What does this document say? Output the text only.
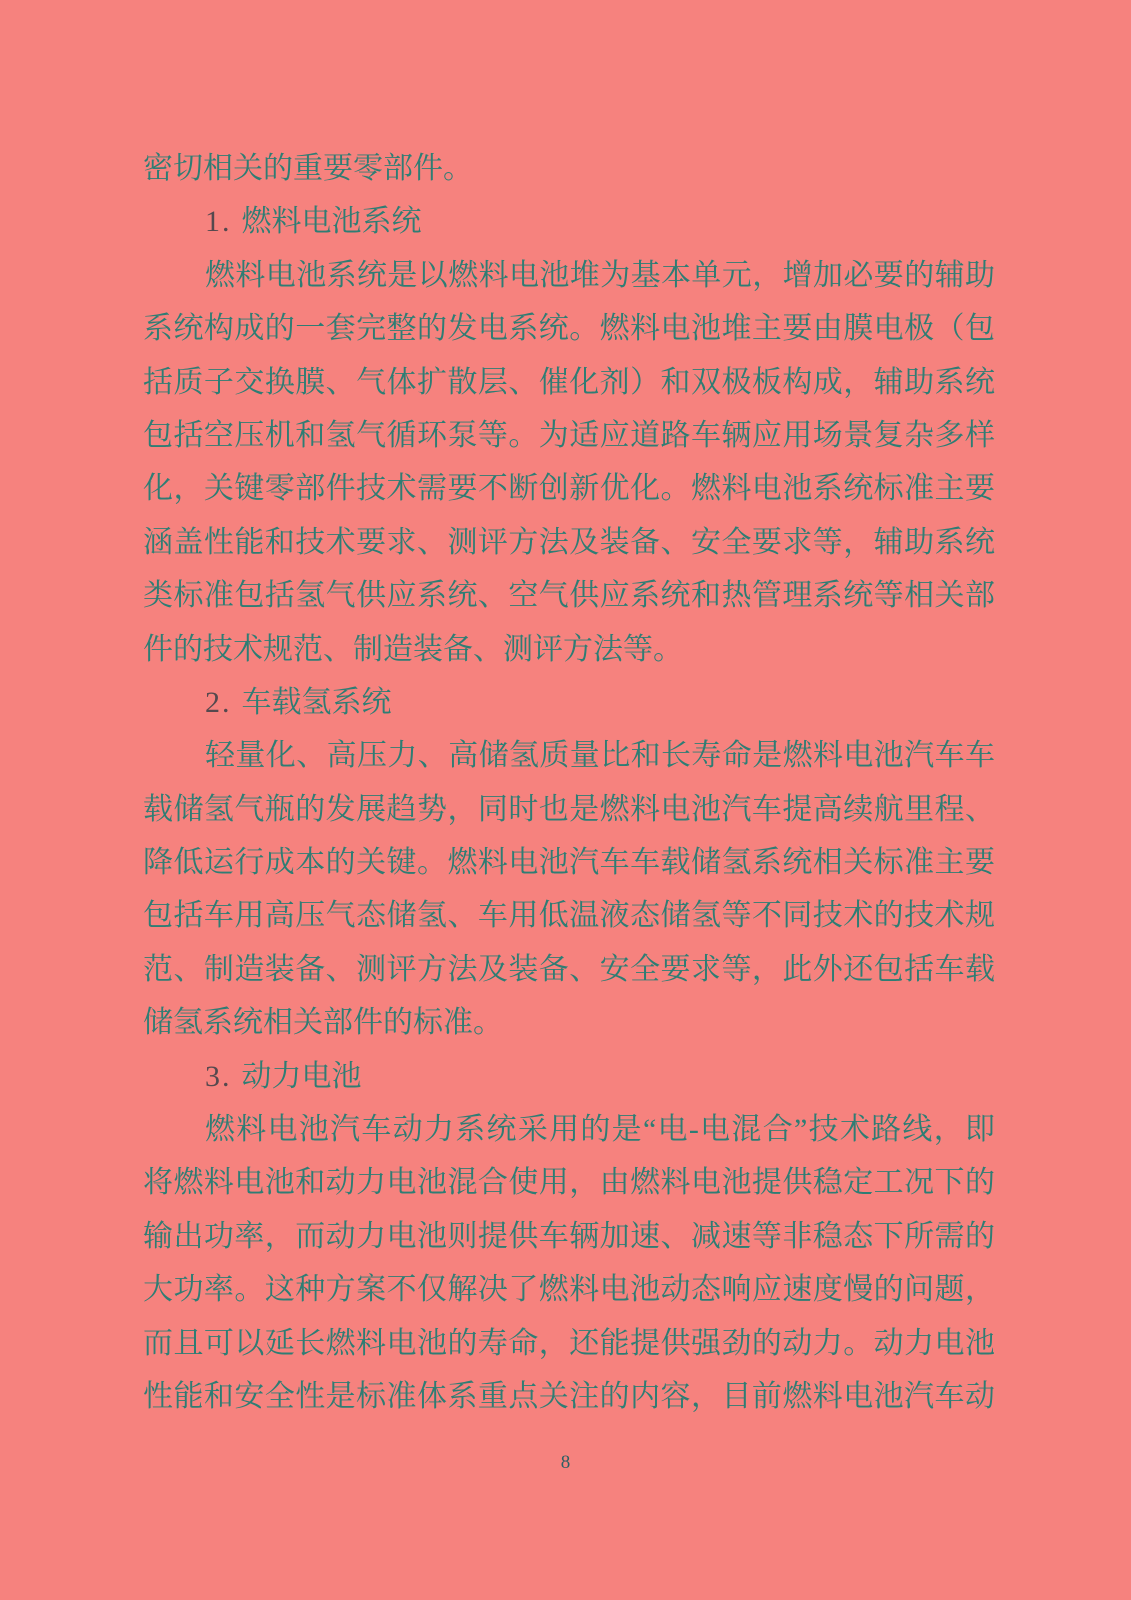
密切相关的重要零部件。
1. 燃料电池系统
燃料电池系统是以燃料电池堆为基本单元，增加必要的辅助
系统构成的一套完整的发电系统。燃料电池堆主要由膜电极（包
括质子交换膜、气体扩散层、催化剂）和双极板构成，辅助系统
包括空压机和氢气循环泵等。为适应道路车辆应用场景复杂多样
化，关键零部件技术需要不断创新优化。燃料电池系统标准主要
涵盖性能和技术要求、测评方法及装备、安全要求等，辅助系统
类标准包括氢气供应系统、空气供应系统和热管理系统等相关部
件的技术规范、制造装备、测评方法等。
2. 车载氢系统
轻量化、高压力、高储氢质量比和长寿命是燃料电池汽车车
载储氢气瓶的发展趋势，同时也是燃料电池汽车提高续航里程、
降低运行成本的关键。燃料电池汽车车载储氢系统相关标准主要
包括车用高压气态储氢、车用低温液态储氢等不同技术的技术规
范、制造装备、测评方法及装备、安全要求等，此外还包括车载
储氢系统相关部件的标准。
3. 动力电池
燃料电池汽车动力系统采用的是“电-电混合”技术路线，即
将燃料电池和动力电池混合使用，由燃料电池提供稳定工况下的
输出功率，而动力电池则提供车辆加速、减速等非稳态下所需的
大功率。这种方案不仅解决了燃料电池动态响应速度慢的问题，
而且可以延长燃料电池的寿命，还能提供强劲的动力。动力电池
性能和安全性是标准体系重点关注的内容，目前燃料电池汽车动
8
